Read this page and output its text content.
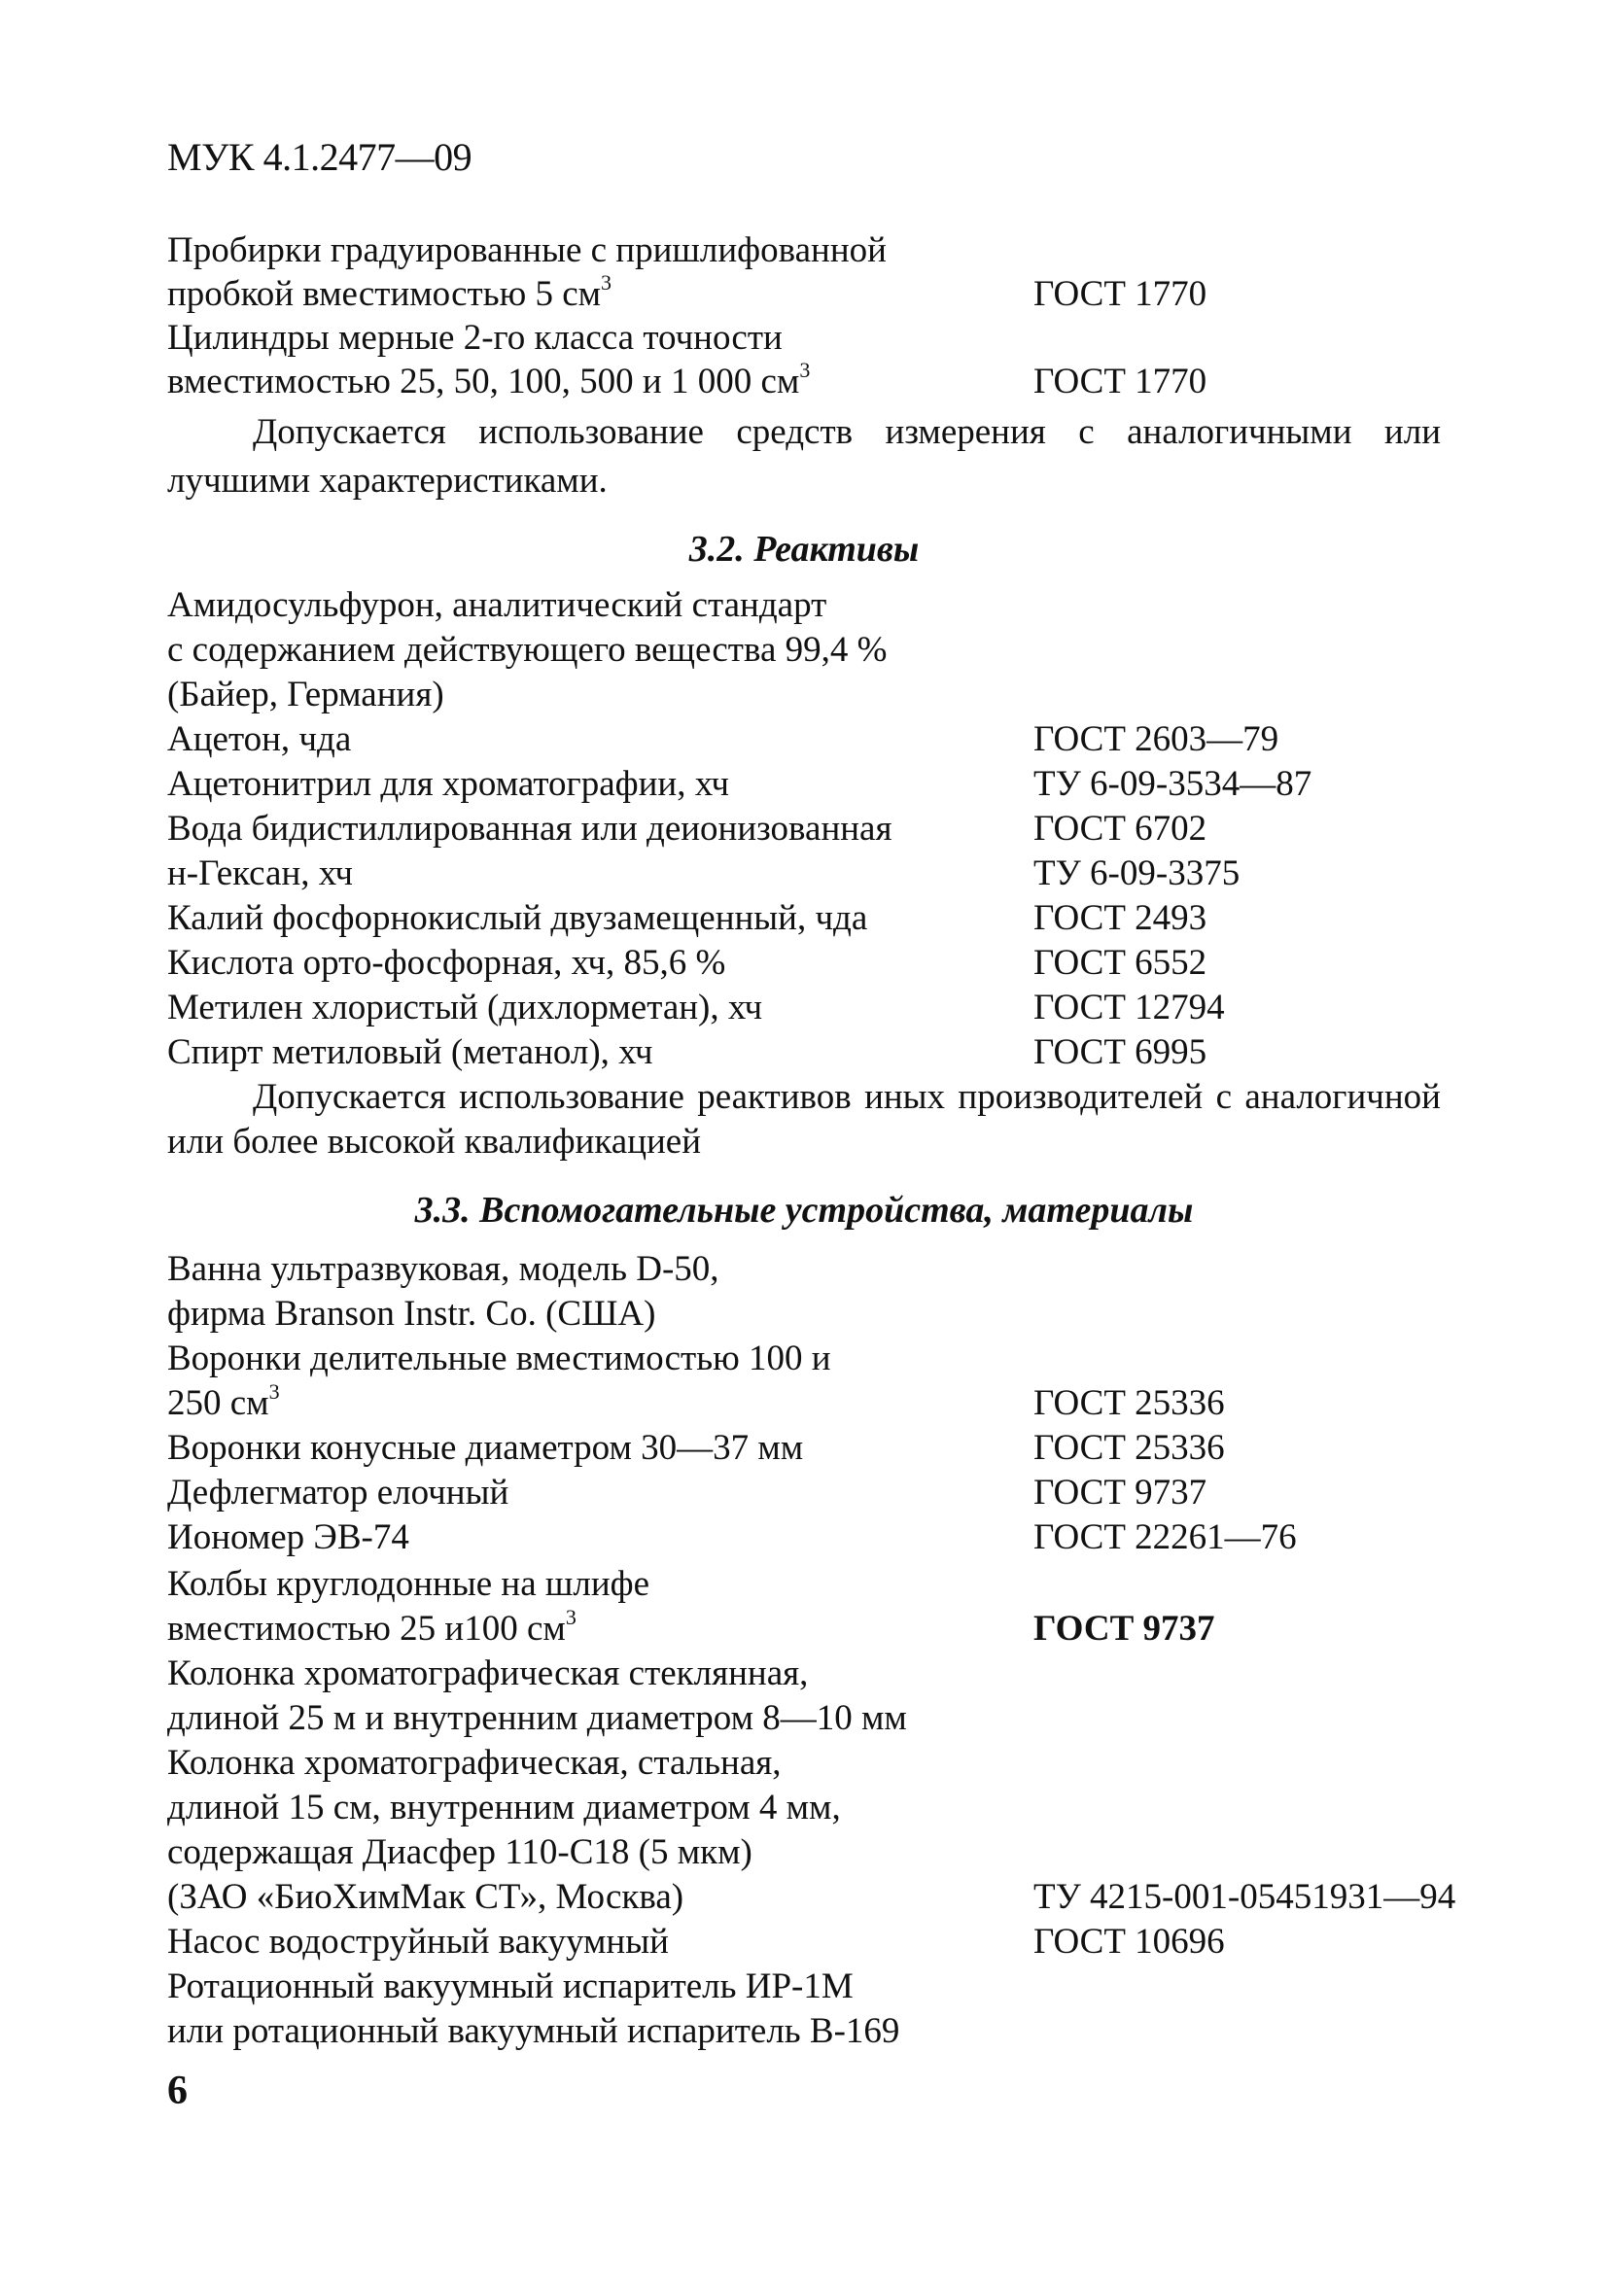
МУК 4.1.2477—09
Пробирки градуированные с пришлифованной
пробкой вместимостью 5 $см^3$	ГОСТ 1770
Цилиндры мерные 2-го класса точности
вместимостью 25, 50, 100, 500 и 1 000 $см^3$	ГОСТ 1770
Допускается использование средств измерения с аналогичными или лучшими характеристиками.
3.2. Реактивы
Амидосульфурон, аналитический стандарт
с содержанием действующего вещества 99,4 %
(Байер, Германия)
Ацетон, чда	ГОСТ 2603—79
Ацетонитрил для хроматографии, хч	ТУ 6-09-3534—87
Вода бидистиллированная или деионизованная	ГОСТ 6702
н-Гексан, хч	ТУ 6-09-3375
Калий фосфорнокислый двузамещенный, чда	ГОСТ 2493
Кислота орто-фосфорная, хч, 85,6 %	ГОСТ 6552
Метилен хлористый (дихлорметан), хч	ГОСТ 12794
Спирт метиловый (метанол), хч	ГОСТ 6995
Допускается использование реактивов иных производителей с аналогичной или более высокой квалификацией
3.3. Вспомогательные устройства, материалы
Ванна ультразвуковая, модель D-50,
фирма Branson Instr. Co. (США)
Воронки делительные вместимостью 100 и
250 $см^3$	ГОСТ 25336
Воронки конусные диаметром 30—37 мм	ГОСТ 25336
Дефлегматор елочный	ГОСТ 9737
Иономер ЭВ-74	ГОСТ 22261—76
Колбы круглодонные на шлифе
вместимостью 25 и100 $см^3$	ГОСТ 9737
Колонка хроматографическая стеклянная,
длиной 25 м и внутренним диаметром 8—10 мм
Колонка хроматографическая, стальная,
длиной 15 см, внутренним диаметром 4 мм,
содержащая Диасфер 110-С18 (5 мкм)
(ЗАО «БиоХимМак СТ», Москва)	ТУ 4215-001-05451931—94
Насос водоструйный вакуумный	ГОСТ 10696
Ротационный вакуумный испаритель ИР-1М
или ротационный вакуумный испаритель В-169
6
